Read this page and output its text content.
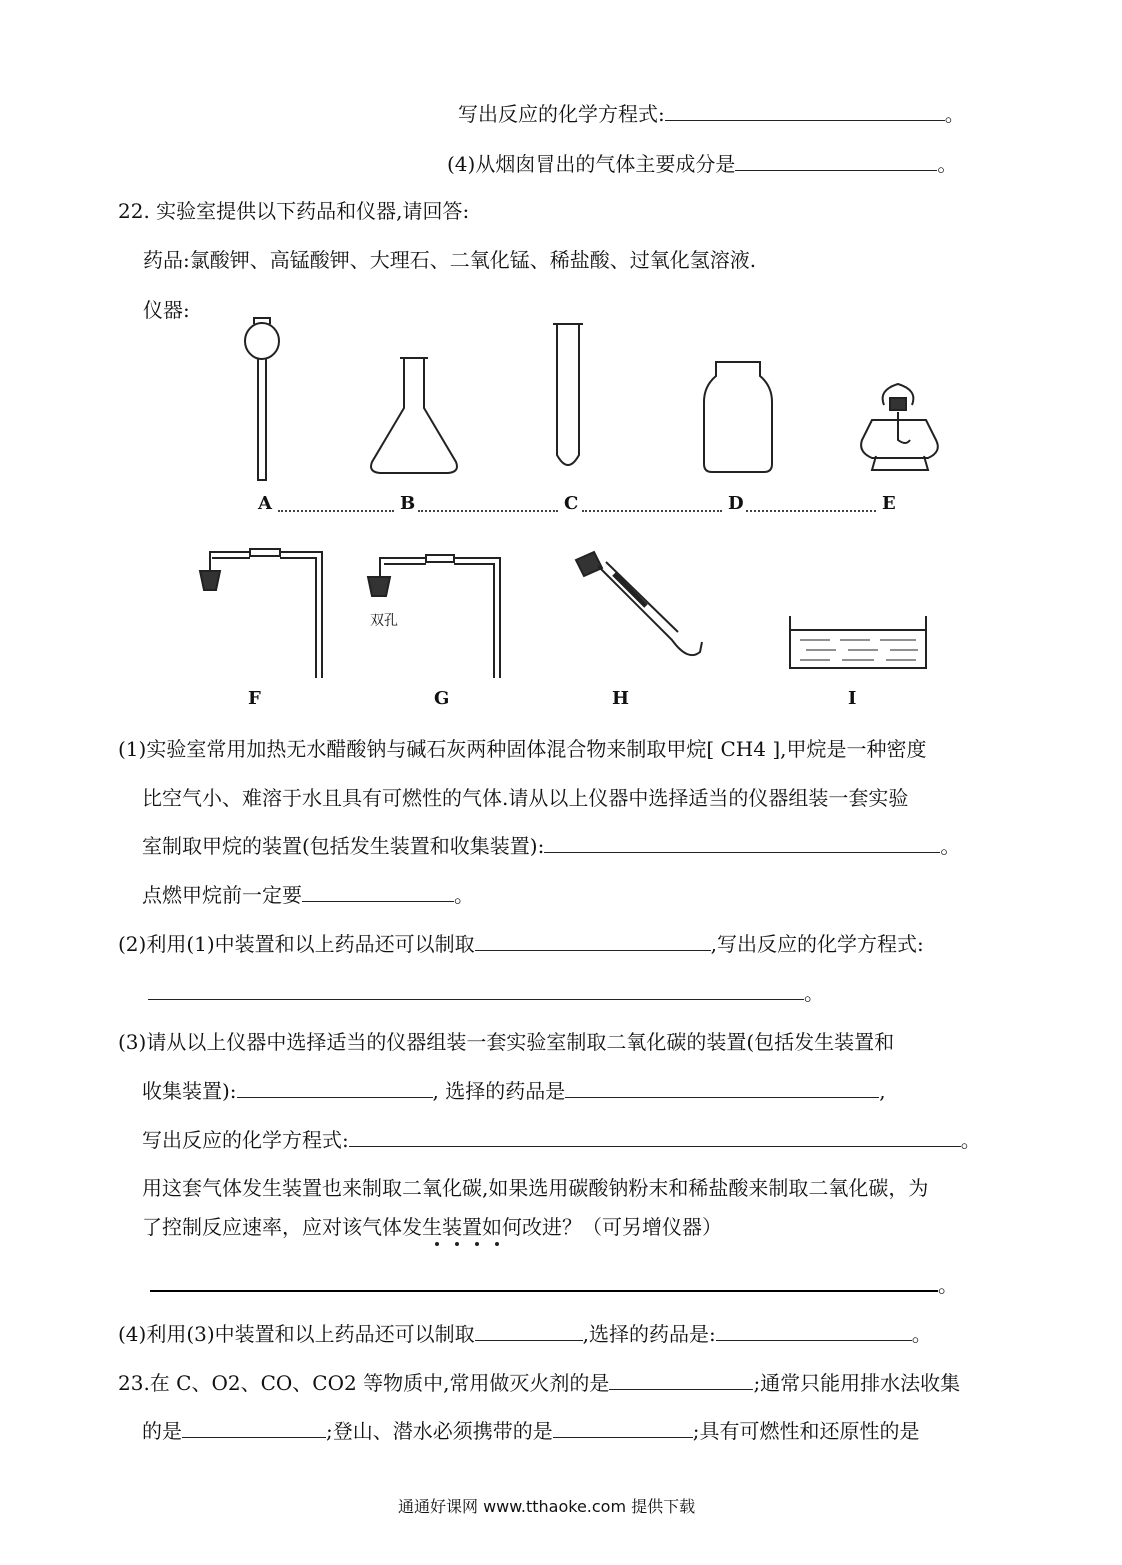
写出反应的化学方程式:	。
(4)从烟囱冒出的气体主要成分是	。
22. 实验室提供以下药品和仪器,请回答:
药品:氯酸钾、高锰酸钾、大理石、二氧化锰、稀盐酸、过氧化氢溶液.
仪器:
A	B	C	D	E
双孔
F	G	H	I
(1)实验室常用加热无水醋酸钠与碱石灰两种固体混合物来制取甲烷[ CH4 ],甲烷是一种密度
比空气小、难溶于水且具有可燃性的气体.请从以上仪器中选择适当的仪器组装一套实验
室制取甲烷的装置(包括发生装置和收集装置):	。
点燃甲烷前一定要	。
(2)利用(1)中装置和以上药品还可以制取	,写出反应的化学方程式:
。
(3)请从以上仪器中选择适当的仪器组装一套实验室制取二氧化碳的装置(包括发生装置和
收集装置):	, 选择的药品是	,
写出反应的化学方程式:	。
用这套气体发生装置也来制取二氧化碳,如果选用碳酸钠粉末和稀盐酸来制取二氧化碳，为
了控制反应速率，应对该气体发生装置如何改进？（可另增仪器）
。
(4)利用(3)中装置和以上药品还可以制取	,选择的药品是:	。
23.在 C、O2、CO、CO2 等物质中,常用做灭火剂的是	;通常只能用排水法收集
的是	;登山、潜水必须携带的是	;具有可燃性和还原性的是
通通好课网 www.tthaoke.com 提供下载
